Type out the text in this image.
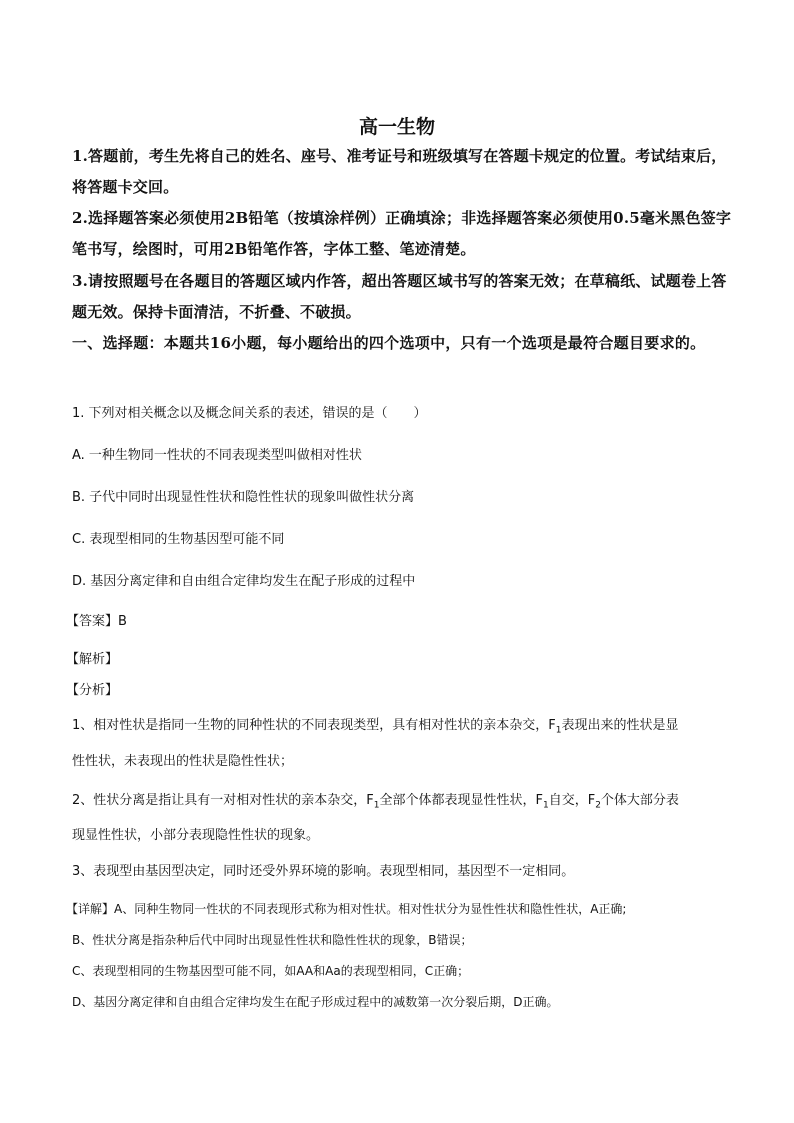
高一生物
1.答题前，考生先将自己的姓名、座号、准考证号和班级填写在答题卡规定的位置。考试结束后，将答题卡交回。
2.选择题答案必须使用2B铅笔（按填涂样例）正确填涂；非选择题答案必须使用0.5毫米黑色签字笔书写，绘图时，可用2B铅笔作答，字体工整、笔迹清楚。
3.请按照题号在各题目的答题区域内作答，超出答题区域书写的答案无效；在草稿纸、试题卷上答题无效。保持卡面清洁，不折叠、不破损。
一、选择题：本题共16小题，每小题给出的四个选项中，只有一个选项是最符合题目要求的。
1. 下列对相关概念以及概念间关系的表述，错误的是（　　）
A. 一种生物同一性状的不同表现类型叫做相对性状
B. 子代中同时出现显性性状和隐性性状的现象叫做性状分离
C. 表现型相同的生物基因型可能不同
D. 基因分离定律和自由组合定律均发生在配子形成的过程中
【答案】B
【解析】
【分析】
1、相对性状是指同一生物的同种性状的不同表现类型，具有相对性状的亲本杂交，$F_1$表现出来的性状是显
性性状，未表现出的性状是隐性性状；
2、性状分离是指让具有一对相对性状的亲本杂交，$F_1$全部个体都表现显性性状，$F_1$自交，$F_2$个体大部分表
现显性性状，小部分表现隐性性状的现象。
3、表现型由基因型决定，同时还受外界环境的影响。表现型相同，基因型不一定相同。
【详解】A、同种生物同一性状的不同表现形式称为相对性状。相对性状分为显性性状和隐性性状，A正确;
B、性状分离是指杂种后代中同时出现显性性状和隐性性状的现象，B错误；
C、表现型相同的生物基因型可能不同，如AA和Aa的表现型相同，C正确；
D、基因分离定律和自由组合定律均发生在配子形成过程中的减数第一次分裂后期，D正确。
